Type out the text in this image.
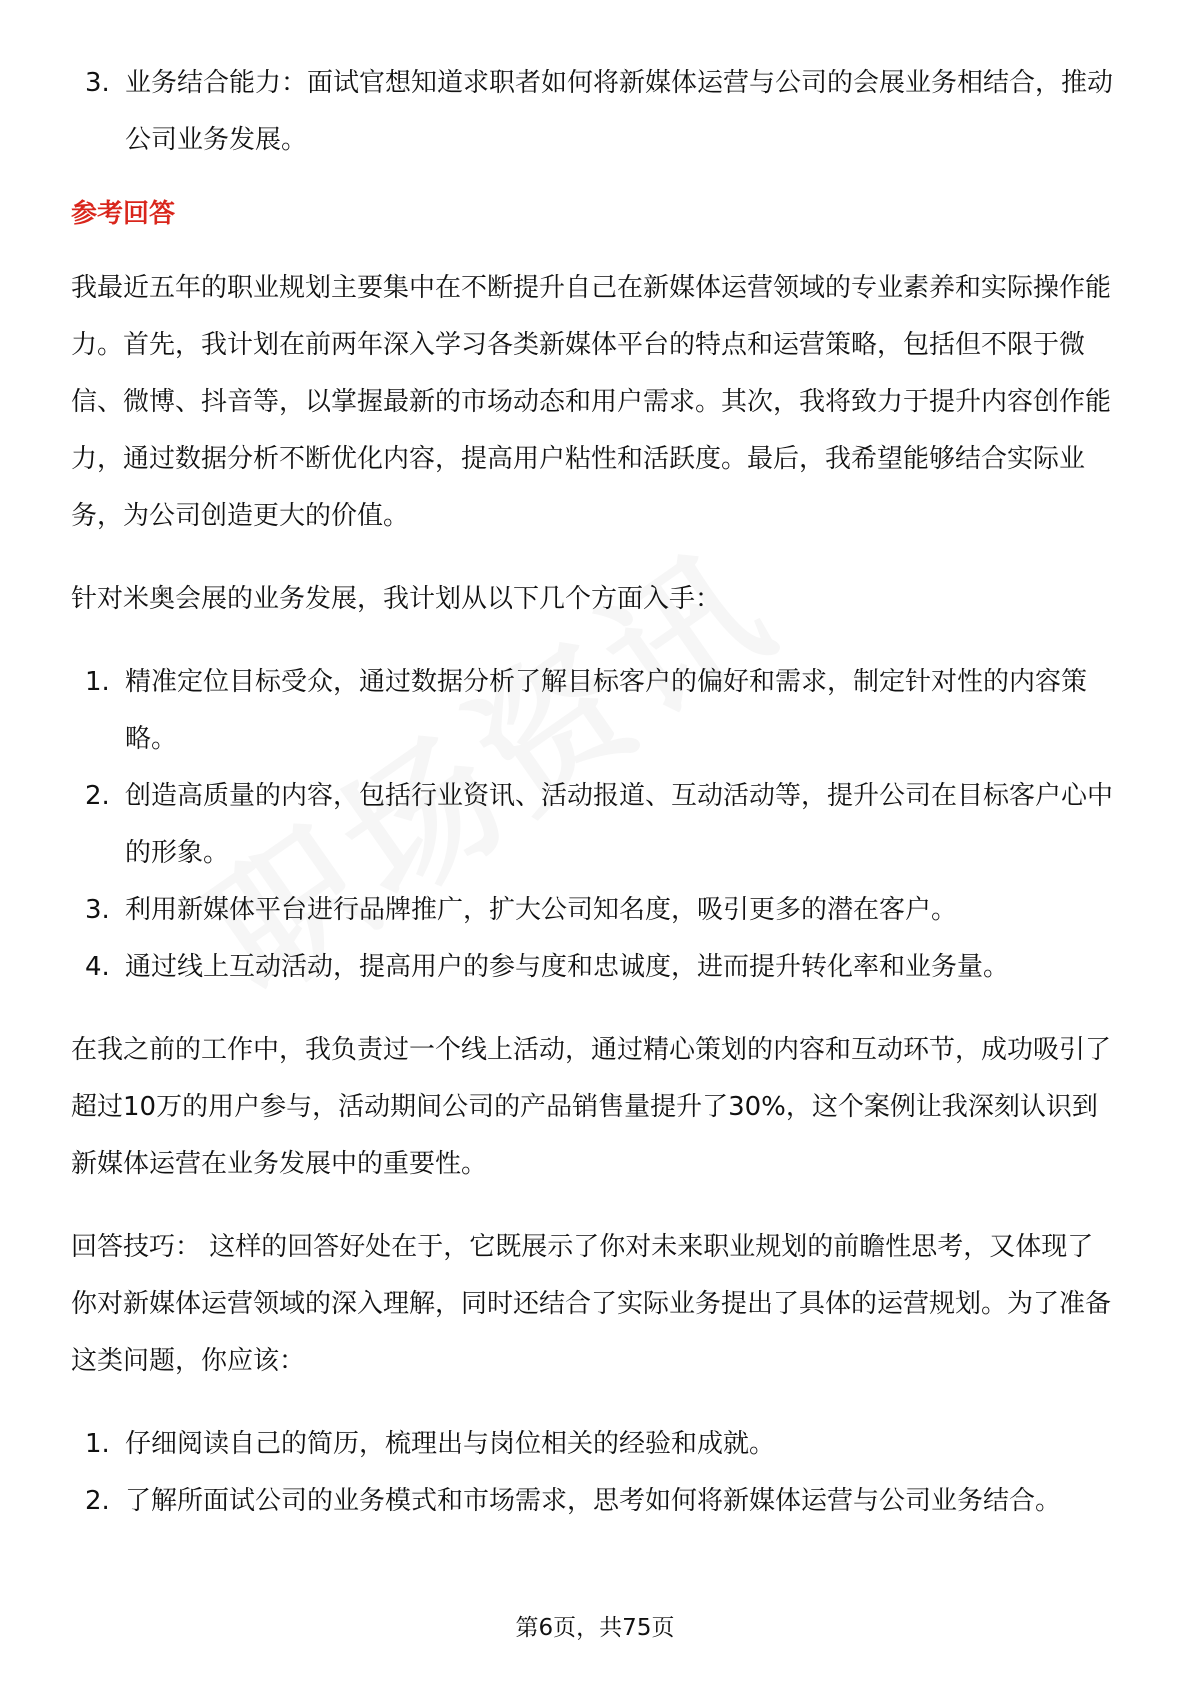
3. 业务结合能力：面试官想知道求职者如何将新媒体运营与公司的会展业务相结合，推动公司业务发展。

参考回答

我最近五年的职业规划主要集中在不断提升自己在新媒体运营领域的专业素养和实际操作能力。首先，我计划在前两年深入学习各类新媒体平台的特点和运营策略，包括但不限于微信、微博、抖音等，以掌握最新的市场动态和用户需求。其次，我将致力于提升内容创作能力，通过数据分析不断优化内容，提高用户粘性和活跃度。最后，我希望能够结合实际业务，为公司创造更大的价值。

针对米奥会展的业务发展，我计划从以下几个方面入手：

1. 精准定位目标受众，通过数据分析了解目标客户的偏好和需求，制定针对性的内容策略。
2. 创造高质量的内容，包括行业资讯、活动报道、互动活动等，提升公司在目标客户心中的形象。
3. 利用新媒体平台进行品牌推广，扩大公司知名度，吸引更多的潜在客户。
4. 通过线上互动活动，提高用户的参与度和忠诚度，进而提升转化率和业务量。

在我之前的工作中，我负责过一个线上活动，通过精心策划的内容和互动环节，成功吸引了超过10万的用户参与，活动期间公司的产品销售量提升了30%，这个案例让我深刻认识到新媒体运营在业务发展中的重要性。

回答技巧： 这样的回答好处在于，它既展示了你对未来职业规划的前瞻性思考，又体现了你对新媒体运营领域的深入理解，同时还结合了实际业务提出了具体的运营规划。为了准备这类问题，你应该：

1. 仔细阅读自己的简历，梳理出与岗位相关的经验和成就。
2. 了解所面试公司的业务模式和市场需求，思考如何将新媒体运营与公司业务结合。
第6页，共75页
